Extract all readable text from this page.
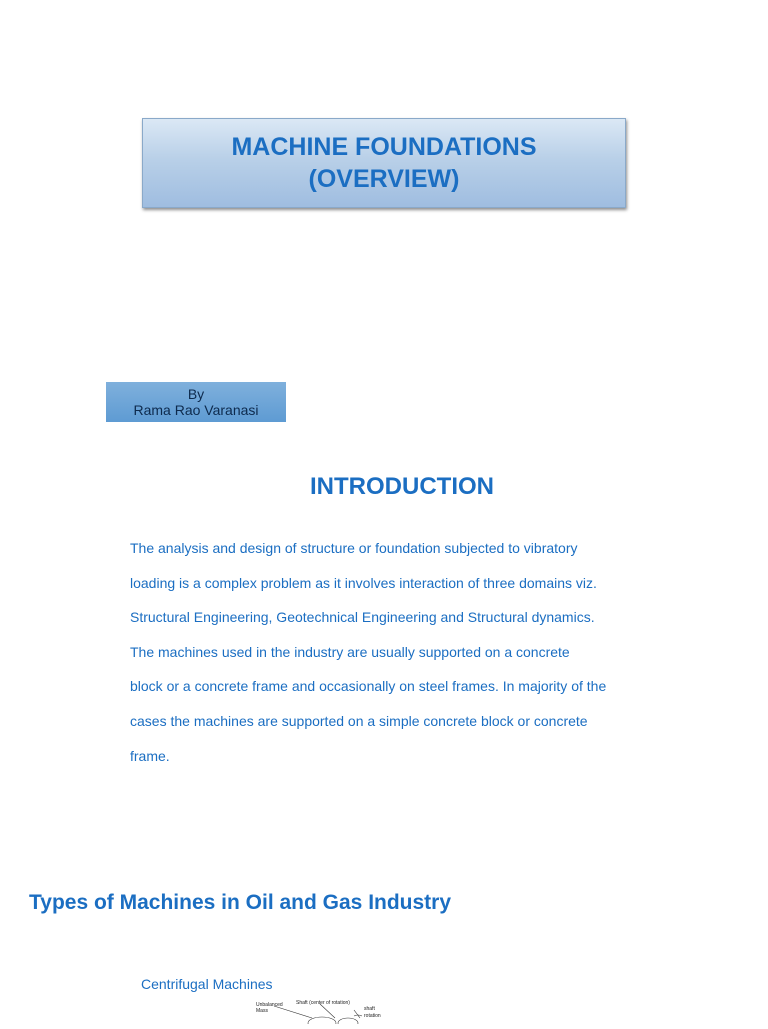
MACHINE FOUNDATIONS
(OVERVIEW)
By
Rama Rao Varanasi
INTRODUCTION
The analysis and design of structure or foundation subjected to vibratory
loading is a complex problem as it involves interaction of three domains viz.
Structural Engineering, Geotechnical Engineering and Structural dynamics.
The machines used in the industry are usually supported on a concrete
block or a concrete frame and occasionally on steel frames. In majority of the
cases the machines are supported on a simple concrete block or concrete
frame.
Types of Machines in Oil and Gas Industry
Centrifugal Machines
Unbalanced
Mass
Shaft (center of rotation)
shaft
rotation
